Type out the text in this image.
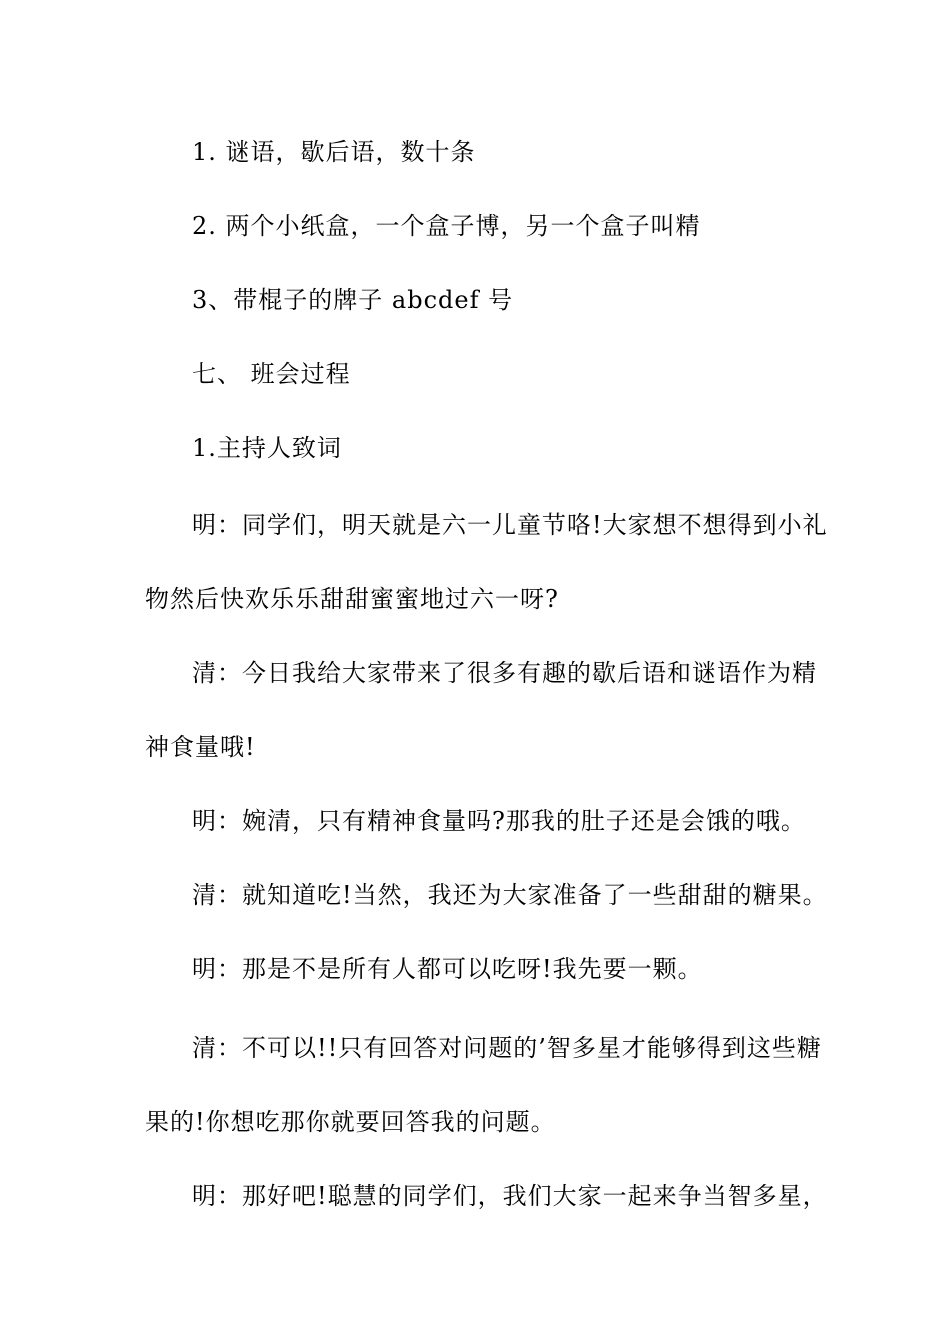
1. 谜语，歇后语，数十条
2. 两个小纸盒，一个盒子博，另一个盒子叫精
3、带棍子的牌子 abcdef 号
七、 班会过程
1.主持人致词
明：同学们，明天就是六一儿童节咯!大家想不想得到小礼
物然后快欢乐乐甜甜蜜蜜地过六一呀?
清：今日我给大家带来了很多有趣的歇后语和谜语作为精
神食量哦!
明：婉清，只有精神食量吗?那我的肚子还是会饿的哦。
清：就知道吃!当然，我还为大家准备了一些甜甜的糖果。
明：那是不是所有人都可以吃呀!我先要一颗。
清：不可以!!只有回答对问题的’智多星才能够得到这些糖
果的!你想吃那你就要回答我的问题。
明：那好吧!聪慧的同学们，我们大家一起来争当智多星，
